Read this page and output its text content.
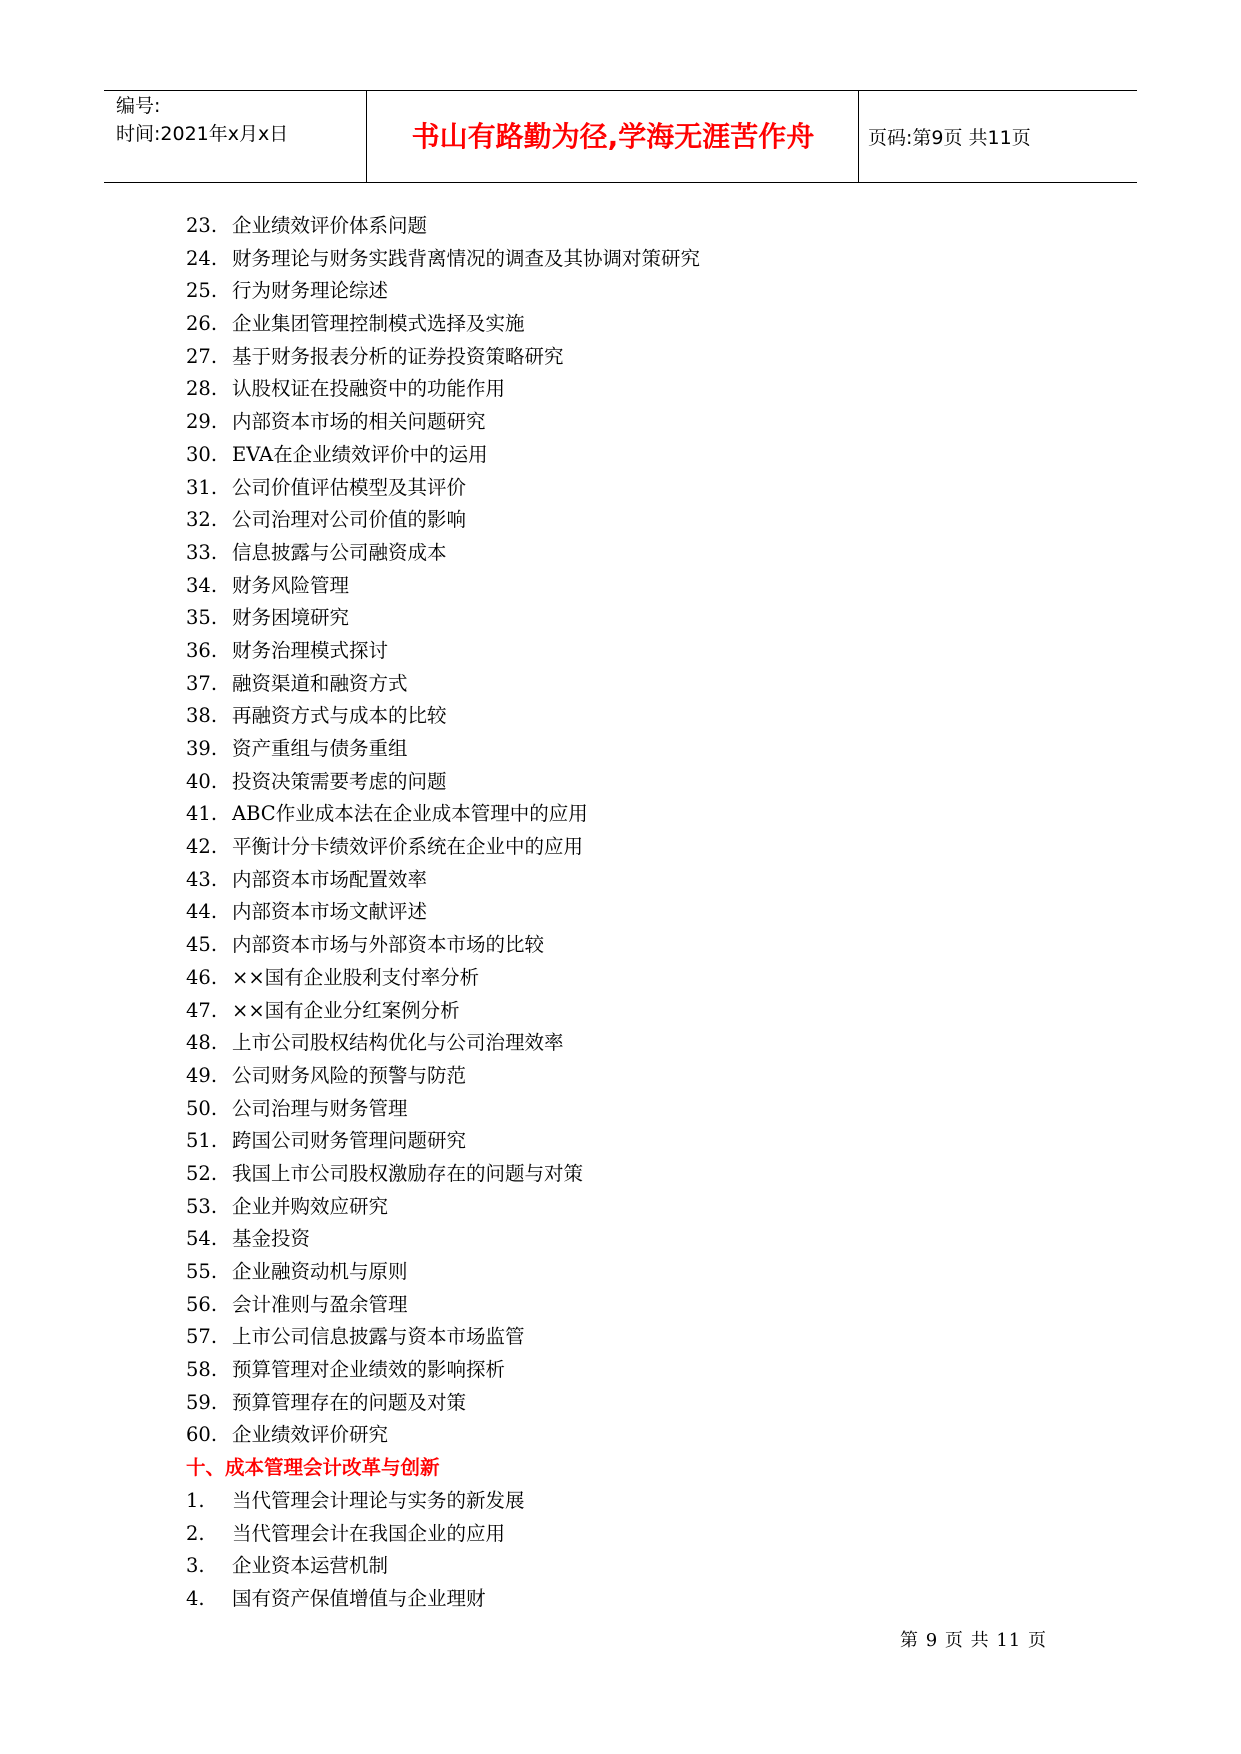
编号:
时间:2021年x月x日	书山有路勤为径,学海无涯苦作舟	页码:第9页 共11页
23. 企业绩效评价体系问题
24. 财务理论与财务实践背离情况的调查及其协调对策研究
25. 行为财务理论综述
26. 企业集团管理控制模式选择及实施
27. 基于财务报表分析的证券投资策略研究
28. 认股权证在投融资中的功能作用
29. 内部资本市场的相关问题研究
30. EVA在企业绩效评价中的运用
31. 公司价值评估模型及其评价
32. 公司治理对公司价值的影响
33. 信息披露与公司融资成本
34. 财务风险管理
35. 财务困境研究
36. 财务治理模式探讨
37. 融资渠道和融资方式
38. 再融资方式与成本的比较
39. 资产重组与债务重组
40. 投资决策需要考虑的问题
41. ABC作业成本法在企业成本管理中的应用
42. 平衡计分卡绩效评价系统在企业中的应用
43. 内部资本市场配置效率
44. 内部资本市场文献评述
45. 内部资本市场与外部资本市场的比较
46. ××国有企业股利支付率分析
47. ××国有企业分红案例分析
48. 上市公司股权结构优化与公司治理效率
49. 公司财务风险的预警与防范
50. 公司治理与财务管理
51. 跨国公司财务管理问题研究
52. 我国上市公司股权激励存在的问题与对策
53. 企业并购效应研究
54. 基金投资
55. 企业融资动机与原则
56. 会计准则与盈余管理
57. 上市公司信息披露与资本市场监管
58. 预算管理对企业绩效的影响探析
59. 预算管理存在的问题及对策
60. 企业绩效评价研究
十、成本管理会计改革与创新
1. 当代管理会计理论与实务的新发展
2. 当代管理会计在我国企业的应用
3. 企业资本运营机制
4. 国有资产保值增值与企业理财
第 9 页 共 11 页
